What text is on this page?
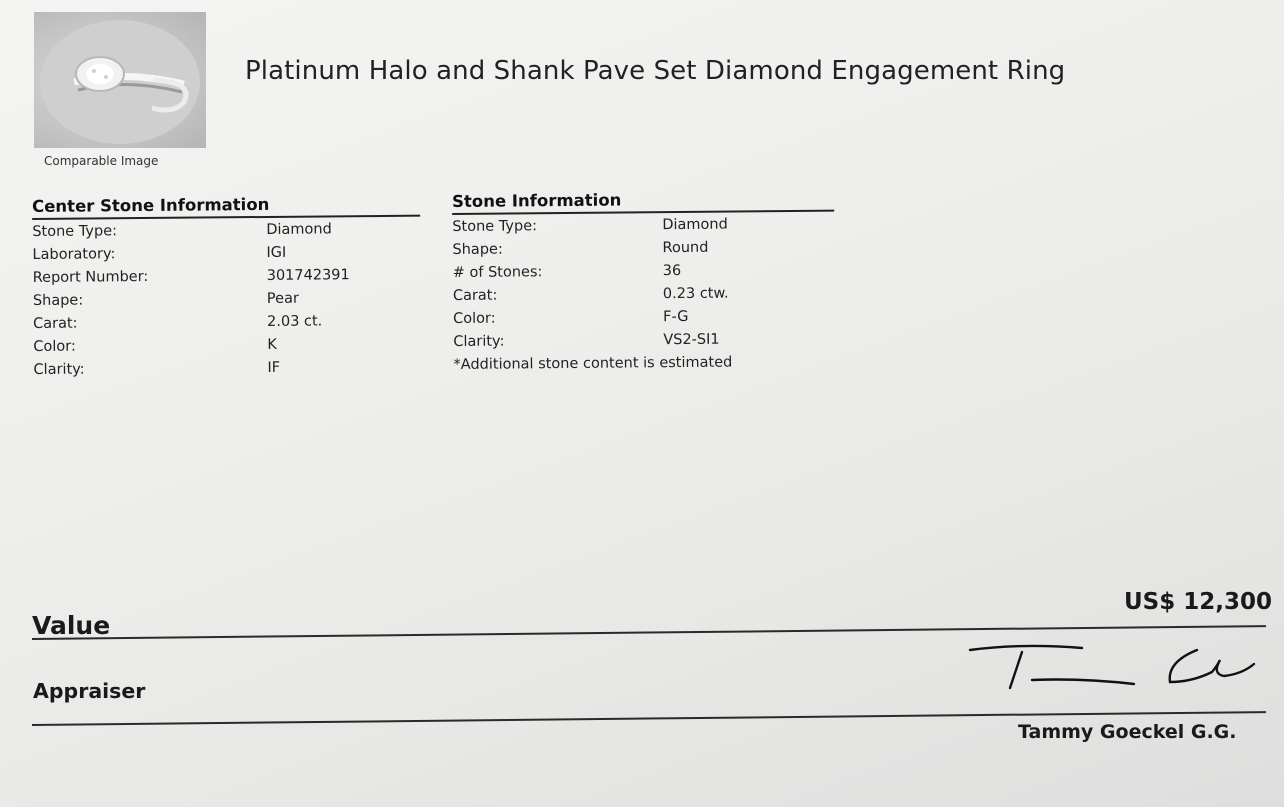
Comparable Image
Platinum Halo and Shank Pave Set Diamond Engagement Ring
Center Stone Information
Stone Type:	Diamond
Laboratory:	IGI
Report Number:	301742391
Shape:	Pear
Carat:	2.03 ct.
Color:	K
Clarity:	IF
Stone Information
Stone Type:	Diamond
Shape:	Round
# of Stones:	36
Carat:	0.23 ctw.
Color:	F-G
Clarity:	VS2-SI1
*Additional stone content is estimated
US$ 12,300
Value
Appraiser
Tammy Goeckel G.G.
